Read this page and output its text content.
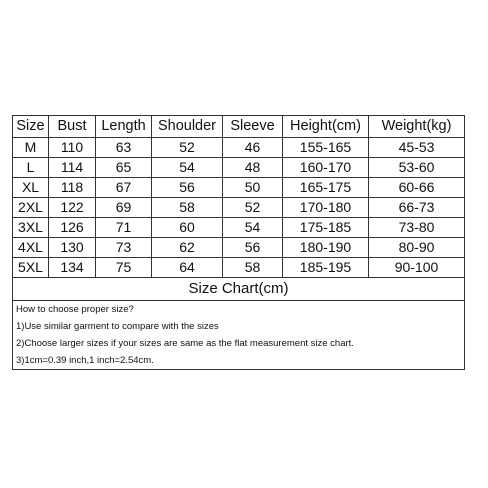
Size	Bust	Length	Shoulder	Sleeve	Height(cm)	Weight(kg)
M	110	63	52	46	155-165	45-53
L	114	65	54	48	160-170	53-60
XL	118	67	56	50	165-175	60-66
2XL	122	69	58	52	170-180	66-73
3XL	126	71	60	54	175-185	73-80
4XL	130	73	62	56	180-190	80-90
5XL	134	75	64	58	185-195	90-100
Size Chart(cm)						
How to choose proper size?						
1)Use similar garment to compare with the sizes						
2)Choose larger sizes if your sizes are same as the flat measurement size chart.						
3)1cm=0.39 inch,1 inch=2.54cm.						
